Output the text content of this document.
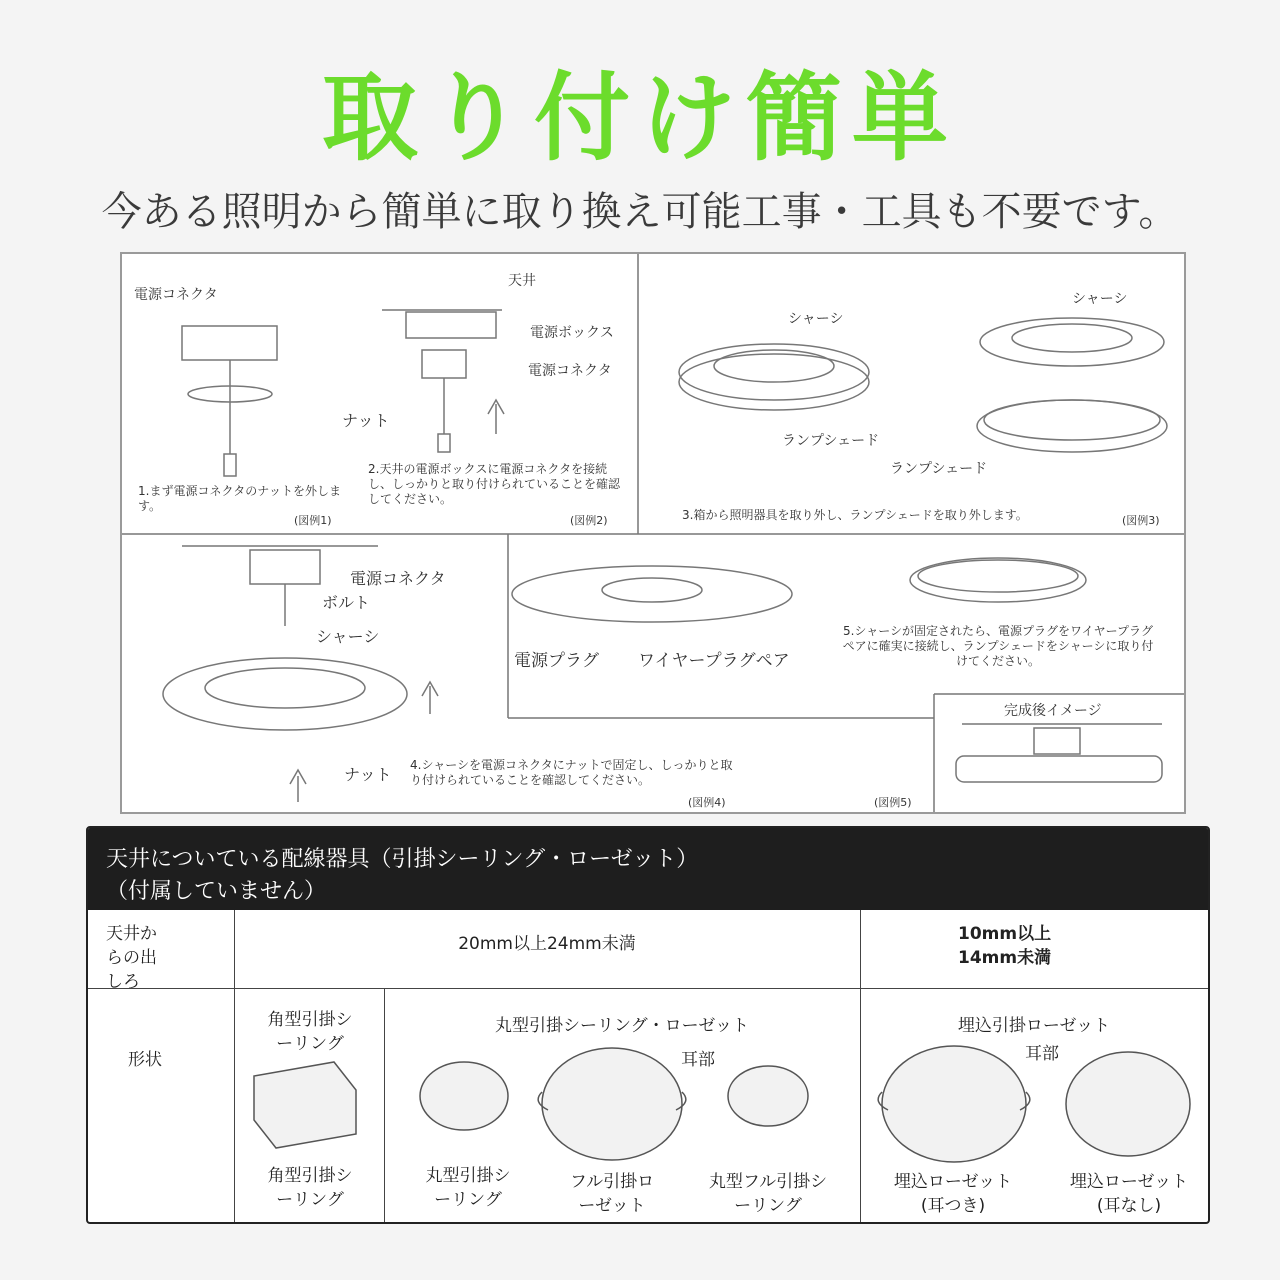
取り付け簡単
今ある照明から簡単に取り換え可能工事・工具も不要です。
電源コネクタ
ナット
1.まず電源コネクタのナットを外します。
(図例1)
天井
電源ボックス
電源コネクタ
2.天井の電源ボックスに電源コネクタを接続し、しっかりと取り付けられていることを確認してください。
(図例2)
シャーシ
シャーシ
ランプシェード
ランプシェード
3.箱から照明器具を取り外し、ランプシェードを取り外します。	(図例3)
電源コネクタ
ボルト
シャーシ
ナット 4.シャーシを電源コネクタにナットで固定し、しっかりと取り付けられていることを確認してください。
(図例4)
電源プラグ ワイヤープラグペア
5.シャーシが固定されたら、電源プラグをワイヤープラグペアに確実に接続し、ランプシェードをシャーシに取り付けてください。
(図例5)
完成後イメージ
天井についている配線器具（引掛シーリング・ローゼット）
（付属していません）
天井からの出しろ
20mm以上24mm未満	10mm以上14mm未満
形状
角型引掛シーリング
丸型引掛シーリング・ローゼット
耳部
埋込引掛ローゼット
耳部
角型引掛シーリング
丸型引掛シーリング
フル引掛ローゼット
丸型フル引掛シーリング
埋込ローゼット(耳つき)
埋込ローゼット(耳なし)
